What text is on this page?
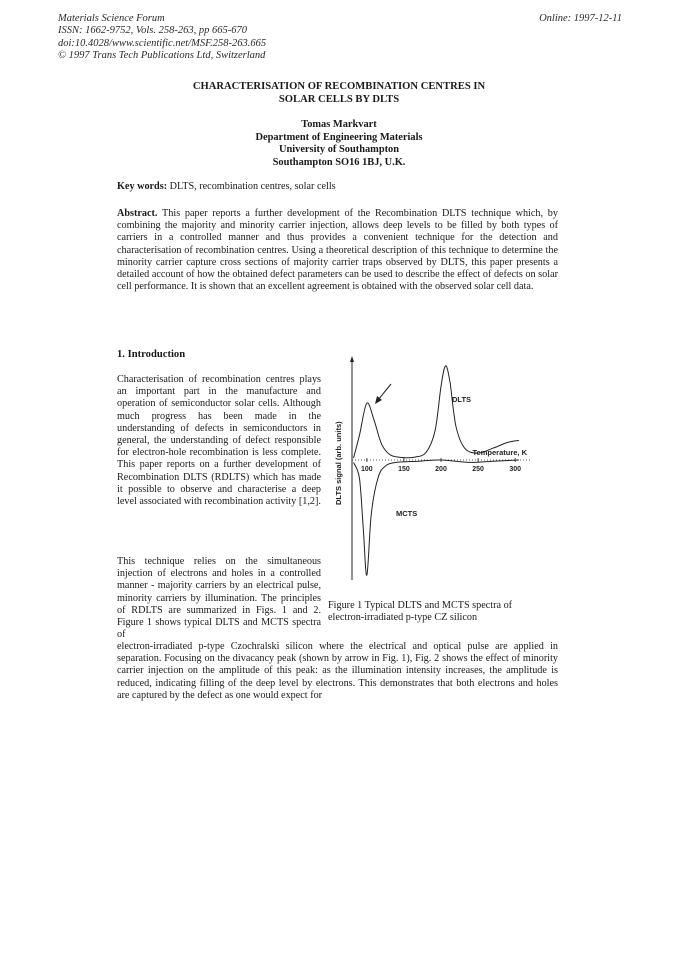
Materials Science Forum
ISSN: 1662-9752, Vols. 258-263, pp 665-670
doi:10.4028/www.scientific.net/MSF.258-263.665
© 1997 Trans Tech Publications Ltd, Switzerland
Online: 1997-12-11
CHARACTERISATION OF RECOMBINATION CENTRES IN
SOLAR CELLS BY DLTS
Tomas Markvart
Department of Engineering Materials
University of Southampton
Southampton SO16 1BJ, U.K.
Key words: DLTS, recombination centres, solar cells
Abstract. This paper reports a further development of the Recombination DLTS technique which, by combining the majority and minority carrier injection, allows deep levels to be filled by both types of carriers in a controlled manner and thus provides a convenient technique for the detection and characterisation of recombination centres. Using a theoretical description of this technique to determine the minority carrier capture cross sections of majority carrier traps observed by DLTS, this paper presents a detailed account of how the obtained defect parameters can be used to describe the effect of defects on solar cell performance. It is shown that an excellent agreement is obtained with the observed solar cell data.
1. Introduction
Characterisation of recombination centres plays an important part in the manufacture and operation of semiconductor solar cells. Although much progress has been made in the understanding of defects in semiconductors in general, the understanding of defect responsible for electron-hole recombination is less complete. This paper reports on a further development of Recombination DLTS (RDLTS) which has made it possible to observe and characterise a deep level associated with recombination activity [1,2].
This technique relies on the simultaneous injection of electrons and holes in a controlled manner - majority carriers by an electrical pulse, minority carriers by illumination. The principles of RDLTS are summarized in Figs. 1 and 2. Figure 1 shows typical DLTS and MCTS spectra of
electron-irradiated p-type Czochralski silicon where the electrical and optical pulse are applied in separation. Focusing on the divacancy peak (shown by arrow in Fig. 1), Fig. 2 shows the effect of minority carrier injection on the amplitude of this peak: as the illumination intensity increases, the amplitude is reduced, indicating filling of the deep level by electrons. This demonstrates that both electrons and holes are captured by the defect as one would expect for
Figure 1 Typical DLTS and MCTS spectra of electron-irradiated p-type CZ silicon
100	150	200	250	300
DLTS signal (arb. units)	Temperature, K
DLTS
MCTS
